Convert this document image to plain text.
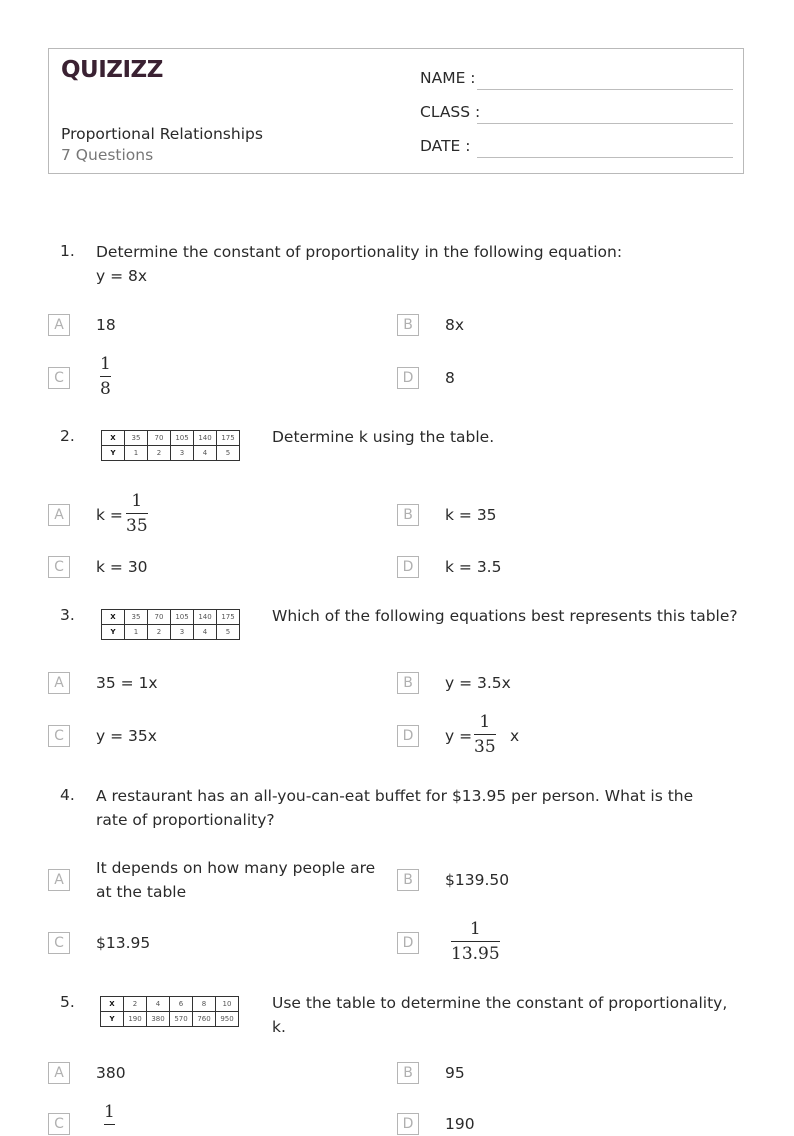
QUIZIZZ
Proportional Relationships
7 Questions
NAME :
CLASS :
DATE :
1. Determine the constant of proportionality in the following equation:
y = 8x
A	18	B	8x
C
1
8
D	8
2.	X	35	70	105	140	175
Y	1	2	3	4	5
Determine k using the table.
A	k =
1
35
B	k = 35
C	k = 30	D	k = 3.5
3.	X	35	70	105	140	175
Y	1	2	3	4	5
Which of the following equations best represents this table?
A	35 = 1x	B	y = 3.5x
C	y = 35x	D	y =
1
35
x
4. A restaurant has an all-you-can-eat buffet for $13.95 per person. What is the rate of proportionality?
A
It depends on how many people are at the table
B	$139.50
C	$13.95	D
1
13.95
5.	X	2	4	6	8	10
Y	190	380	570	760	950
Use the table to determine the constant of proportionality, k.
A	380	B	95
C
1
D	190
